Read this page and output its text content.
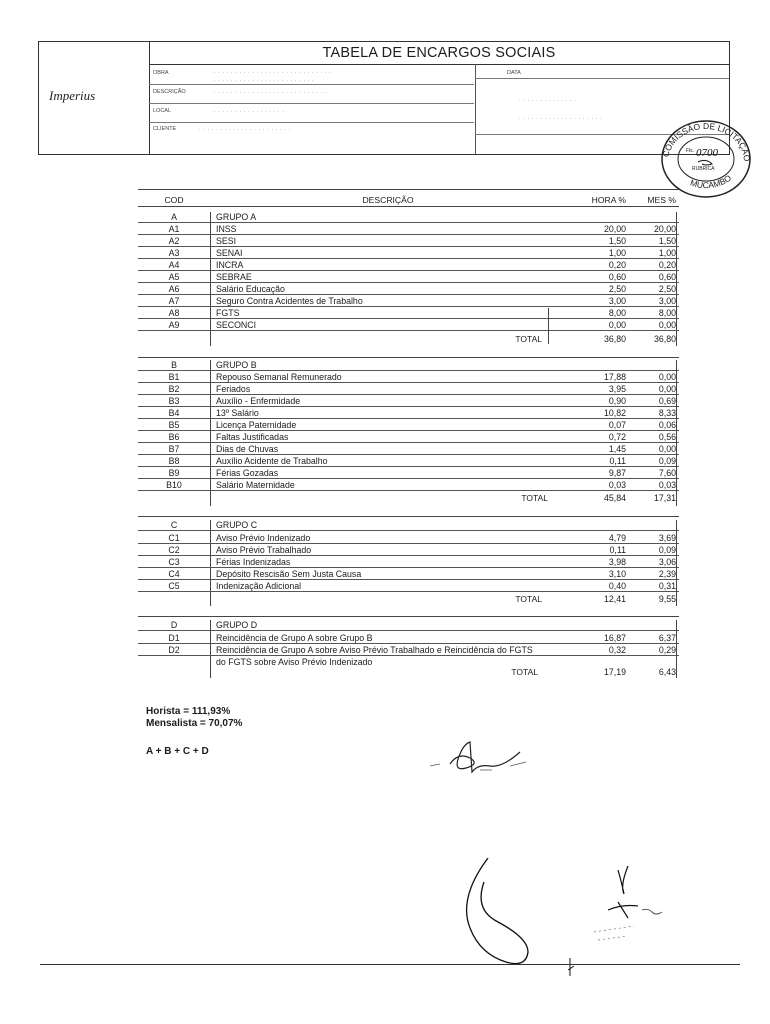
Imperius
TABELA DE ENCARGOS SOCIAIS
OBRA
DESCRIÇÃO
LOCAL
CLIENTE
DATA
· · · · · · · · · · · · · · · · · · · · · · · · · · · ·
· · · · · · · · · · · · · · · · · · · · · · · ·
· · · · · · · · · · · · · · · · · · · · · · · · · · ·
· · · · · · · · · · · · · · · · ·
· · · · · · · · · · · · · · · · · · · · · ·
· · · · · · · · · · · · · ·
· · · · · · · · · · · · · · · · · · · ·
COMISSÃO DE LICITAÇÃO
MUCAMBO
Fls. 0700
RUBRICA
COD	DESCRIÇÃO	HORA %	MES %
A	GRUPO A
A1	INSS	20,00	20,00
A2	SESI	1,50	1,50
A3	SENAI	1,00	1,00
A4	INCRA	0,20	0,20
A5	SEBRAE	0,60	0,60
A6	Salário Educação	2,50	2,50
A7	Seguro Contra Acidentes de Trabalho	3,00	3,00
A8	FGTS	8,00	8,00
A9	SECONCI	0,00	0,00
TOTAL	36,80	36,80
B	GRUPO B
B1	Repouso Semanal Remunerado	17,88	0,00
B2	Feriados	3,95	0,00
B3	Auxílio - Enfermidade	0,90	0,69
B4	13º Salário	10,82	8,33
B5	Licença Paternidade	0,07	0,06
B6	Faltas Justificadas	0,72	0,56
B7	Dias de Chuvas	1,45	0,00
B8	Auxílio Acidente de Trabalho	0,11	0,09
B9	Férias Gozadas	9,87	7,60
B10	Salário Maternidade	0,03	0,03
TOTAL	45,84	17,31
C	GRUPO C
C1	Aviso Prévio Indenizado	4,79	3,69
C2	Aviso Prévio Trabalhado	0,11	0,09
C3	Férias Indenizadas	3,98	3,06
C4	Depósito Rescisão Sem Justa Causa	3,10	2,39
C5	Indenização Adicional	0,40	0,31
TOTAL	12,41	9,55
D	GRUPO D
D1	Reincidência de Grupo A sobre Grupo B	16,87	6,37
D2	Reincidência de Grupo A sobre Aviso Prévio Trabalhado e Reincidência do FGTS	0,32	0,29
do FGTS sobre Aviso Prévio Indenizado
TOTAL	17,19	6,43
Horista = 111,93%
Mensalista = 70,07%
A + B + C + D
